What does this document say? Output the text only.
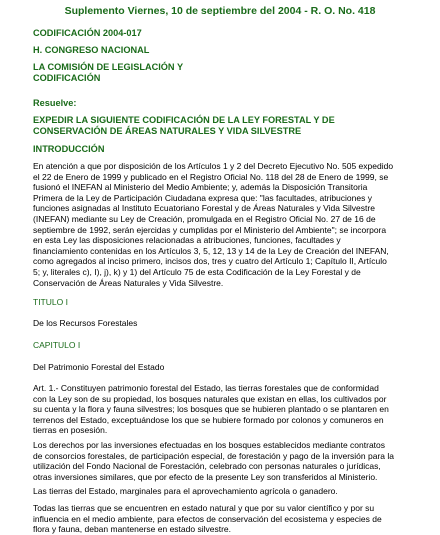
Suplemento Viernes, 10 de septiembre del 2004 - R. O. No. 418
CODIFICACIÓN 2004-017
H. CONGRESO NACIONAL
LA COMISIÓN DE LEGISLACIÓN Y
CODIFICACIÓN
Resuelve:
EXPEDIR LA SIGUIENTE CODIFICACIÓN DE LA LEY FORESTAL Y DE
CONSERVACIÓN DE ÁREAS NATURALES Y VIDA SILVESTRE
INTRODUCCIÓN
En atención a que por disposición de los Artículos 1 y 2 del Decreto Ejecutivo No. 505 expedido
el 22 de Enero de 1999 y publicado en el Registro Oficial No. 118 del 28 de Enero de 1999, se
fusionó el INEFAN al Ministerio del Medio Ambiente; y, además la Disposición Transitoria
Primera de la Ley de Participación Ciudadana expresa que: "las facultades, atribuciones y
funciones asignadas al Instituto Ecuatoriano Forestal y de Áreas Naturales y Vida Silvestre
(INEFAN) mediante su Ley de Creación, promulgada en el Registro Oficial No. 27 de 16 de
septiembre de 1992, serán ejercidas y cumplidas por el Ministerio del Ambiente"; se incorpora
en esta Ley las disposiciones relacionadas a atribuciones, funciones, facultades y
financiamiento contenidas en los Artículos 3, 5, 12, 13 y 14 de la Ley de Creación del INEFAN,
como agregados al inciso primero, incisos dos, tres y cuatro del Artículo 1; Capítulo II, Artículo
5; y, literales c), I), j), k) y 1) del Artículo 75 de esta Codificación de la Ley Forestal y de
Conservación de Áreas Naturales y Vida Silvestre.
TITULO I
De los Recursos Forestales
CAPITULO I
Del Patrimonio Forestal del Estado
Art. 1.- Constituyen patrimonio forestal del Estado, las tierras forestales que de conformidad
con la Ley son de su propiedad, los bosques naturales que existan en ellas, los cultivados por
su cuenta y la flora y fauna silvestres; los bosques que se hubieren plantado o se plantaren en
terrenos del Estado, exceptuándose los que se hubiere formado por colonos y comuneros en
tierras en posesión.
Los derechos por las inversiones efectuadas en los bosques establecidos mediante contratos
de consorcios forestales, de participación especial, de forestación y pago de la inversión para la
utilización del Fondo Nacional de Forestación, celebrado con personas naturales o jurídicas,
otras inversiones similares, que por efecto de la presente Ley son transferidos al Ministerio.
Las tierras del Estado, marginales para el aprovechamiento agrícola o ganadero.
Todas las tierras que se encuentren en estado natural y que por su valor científico y por su
influencia en el medio ambiente, para efectos de conservación del ecosistema y especies de
flora y fauna, deban mantenerse en estado silvestre.
